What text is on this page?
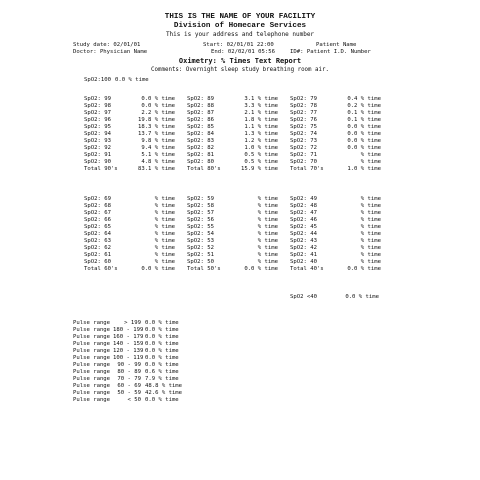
THIS IS THE NAME OF YOUR FACILITY
Division of Homecare Services
This is your address and telephone number
Study date: 02/01/01	Start: 02/01/01 22:00	Patient Name
Doctor: Physician Name	End: 02/02/01 05:56	ID#: Patient I.D. Number
Oximetry: % Times Text Report
Comments: Overnight sleep study breathing room air.
SpO2:100 0.0 % time
SpO2: 99	0.0 % time SpO2: 89	3.1 % time SpO2: 79	0.4 % time
SpO2: 98	0.0 % time SpO2: 88	3.3 % time SpO2: 78	0.2 % time
SpO2: 97	2.2 % time SpO2: 87	2.1 % time SpO2: 77	0.1 % time
SpO2: 96	19.8 % time SpO2: 86	1.8 % time SpO2: 76	0.1 % time
SpO2: 95	18.3 % time SpO2: 85	1.1 % time SpO2: 75	0.0 % time
SpO2: 94	13.7 % time SpO2: 84	1.3 % time SpO2: 74	0.0 % time
SpO2: 93	9.8 % time SpO2: 83	1.2 % time SpO2: 73	0.0 % time
SpO2: 92	9.4 % time SpO2: 82	1.0 % time SpO2: 72	0.0 % time
SpO2: 91	5.1 % time SpO2: 81	0.5 % time SpO2: 71	% time
SpO2: 90	4.8 % time SpO2: 80	0.5 % time SpO2: 70	% time
Total 90's	83.1 % time Total 80's	15.9 % time Total 70's	1.0 % time
SpO2: 69	% time SpO2: 59	% time SpO2: 49	% time
SpO2: 68	% time SpO2: 58	% time SpO2: 48	% time
SpO2: 67	% time SpO2: 57	% time SpO2: 47	% time
SpO2: 66	% time SpO2: 56	% time SpO2: 46	% time
SpO2: 65	% time SpO2: 55	% time SpO2: 45	% time
SpO2: 64	% time SpO2: 54	% time SpO2: 44	% time
SpO2: 63	% time SpO2: 53	% time SpO2: 43	% time
SpO2: 62	% time SpO2: 52	% time SpO2: 42	% time
SpO2: 61	% time SpO2: 51	% time SpO2: 41	% time
SpO2: 60	% time SpO2: 50	% time SpO2: 40	% time
Total 60's	0.0 % time Total 50's	0.0 % time Total 40's	0.0 % time
SpO2 <40	0.0 % time
Pulse range	> 199 0.0 % time
Pulse range 180 - 199 0.0 % time
Pulse range 160 - 179 0.0 % time
Pulse range 140 - 159 0.0 % time
Pulse range 120 - 139 0.0 % time
Pulse range 100 - 119 0.0 % time
Pulse range	90 - 99 0.0 % time
Pulse range	80 - 89 0.6 % time
Pulse range	70 - 79 7.9 % time
Pulse range	60 - 69 48.8 % time
Pulse range	50 - 59 42.6 % time
Pulse range	< 50 0.0 % time
